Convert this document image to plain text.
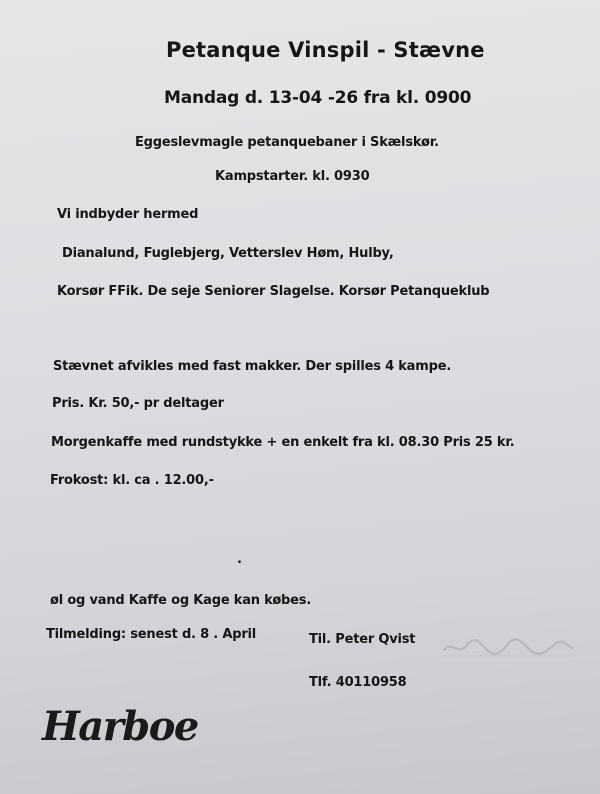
Petanque Vinspil - Stævne
Mandag d. 13-04 -26 fra kl. 0900
Eggeslevmagle petanquebaner i Skælskør.
Kampstarter. kl. 0930
Vi indbyder hermed
Dianalund, Fuglebjerg, Vetterslev Høm, Hulby,
Korsør FFik. De seje Seniorer Slagelse. Korsør Petanqueklub
Stævnet afvikles med fast makker. Der spilles 4 kampe.
Pris. Kr. 50,- pr deltager
Morgenkaffe med rundstykke + en enkelt fra kl. 08.30 Pris 25 kr.
Frokost: kl. ca . 12.00,-
.
øl og vand Kaffe og Kage kan købes.
Tilmelding: senest d. 8 . April	Til. Peter Qvist
Tlf. 40110958
Harboe
